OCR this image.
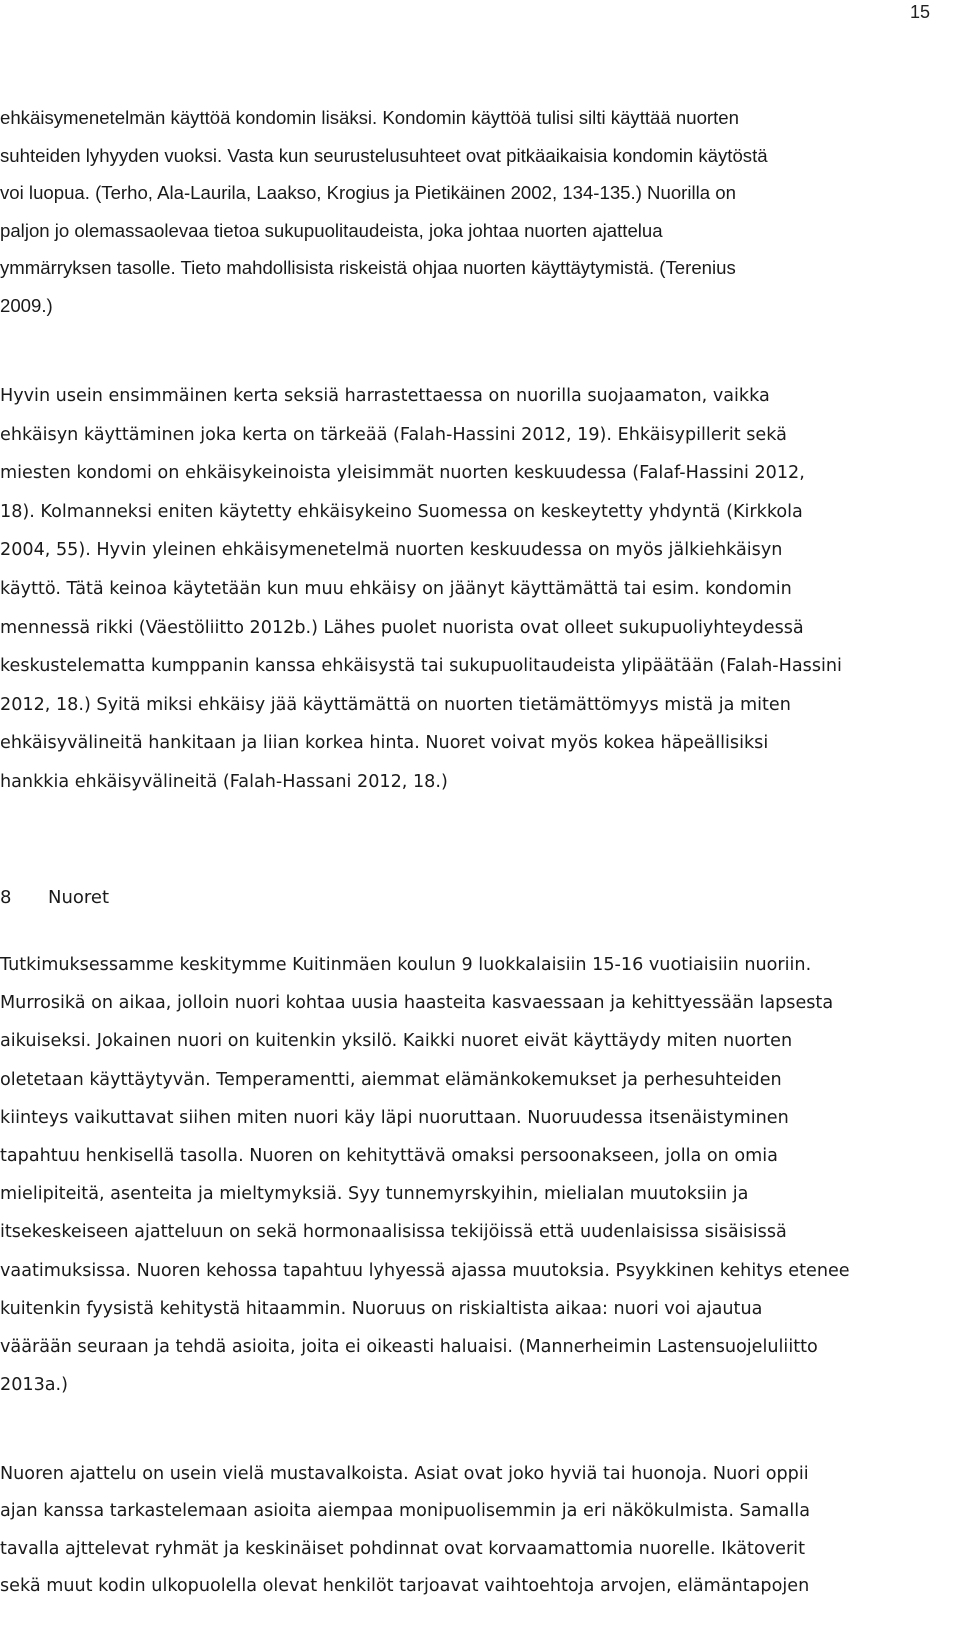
15

ehkäisymenetelmän käyttöä kondomin lisäksi. Kondomin käyttöä tulisi silti käyttää nuorten
suhteiden lyhyyden vuoksi. Vasta kun seurustelusuhteet ovat pitkäaikaisia kondomin käytöstä
voi luopua. (Terho, Ala-Laurila, Laakso, Krogius ja Pietikäinen 2002, 134-135.) Nuorilla on
paljon jo olemassaolevaa tietoa sukupuolitaudeista, joka johtaa nuorten ajattelua
ymmärryksen tasolle. Tieto mahdollisista riskeistä ohjaa nuorten käyttäytymistä. (Terenius
2009.)

Hyvin usein ensimmäinen kerta seksiä harrastettaessa on nuorilla suojaamaton, vaikka
ehkäisyn käyttäminen joka kerta on tärkeää (Falah-Hassini 2012, 19). Ehkäisypillerit sekä
miesten kondomi on ehkäisykeinoista yleisimmät nuorten keskuudessa (Falaf-Hassini 2012,
18). Kolmanneksi eniten käytetty ehkäisykeino Suomessa on keskeytetty yhdyntä (Kirkkola
2004, 55). Hyvin yleinen ehkäisymenetelmä nuorten keskuudessa on myös jälkiehkäisyn
käyttö. Tätä keinoa käytetään kun muu ehkäisy on jäänyt käyttämättä tai esim. kondomin
mennessä rikki (Väestöliitto 2012b.) Lähes puolet nuorista ovat olleet sukupuoliyhteydessä
keskustelematta kumppanin kanssa ehkäisystä tai sukupuolitaudeista ylipäätään (Falah-Hassini
2012, 18.) Syitä miksi ehkäisy jää käyttämättä on nuorten tietämättömyys mistä ja miten
ehkäisyvälineitä hankitaan ja liian korkea hinta. Nuoret voivat myös kokea häpeällisiksi
hankkia ehkäisyvälineitä (Falah-Hassani 2012, 18.)

8 Nuoret

Tutkimuksessamme keskitymme Kuitinmäen koulun 9 luokkalaisiin 15-16 vuotiaisiin nuoriin.
Murrosikä on aikaa, jolloin nuori kohtaa uusia haasteita kasvaessaan ja kehittyessään lapsesta
aikuiseksi. Jokainen nuori on kuitenkin yksilö. Kaikki nuoret eivät käyttäydy miten nuorten
oletetaan käyttäytyvän. Temperamentti, aiemmat elämänkokemukset ja perhesuhteiden
kiinteys vaikuttavat siihen miten nuori käy läpi nuoruttaan. Nuoruudessa itsenäistyminen
tapahtuu henkisellä tasolla. Nuoren on kehityttävä omaksi persoonakseen, jolla on omia
mielipiteitä, asenteita ja mieltymyksiä. Syy tunnemyrskyihin, mielialan muutoksiin ja
itsekeskeiseen ajatteluun on sekä hormonaalisissa tekijöissä että uudenlaisissa sisäisissä
vaatimuksissa. Nuoren kehossa tapahtuu lyhyessä ajassa muutoksia. Psyykkinen kehitys etenee
kuitenkin fyysistä kehitystä hitaammin. Nuoruus on riskialtista aikaa: nuori voi ajautua
väärään seuraan ja tehdä asioita, joita ei oikeasti haluaisi. (Mannerheimin Lastensuojeluliitto
2013a.)

Nuoren ajattelu on usein vielä mustavalkoista. Asiat ovat joko hyviä tai huonoja. Nuori oppii
ajan kanssa tarkastelemaan asioita aiempaa monipuolisemmin ja eri näkökulmista. Samalla
tavalla ajttelevat ryhmät ja keskinäiset pohdinnat ovat korvaamattomia nuorelle. Ikätoverit
sekä muut kodin ulkopuolella olevat henkilöt tarjoavat vaihtoehtoja arvojen, elämäntapojen
